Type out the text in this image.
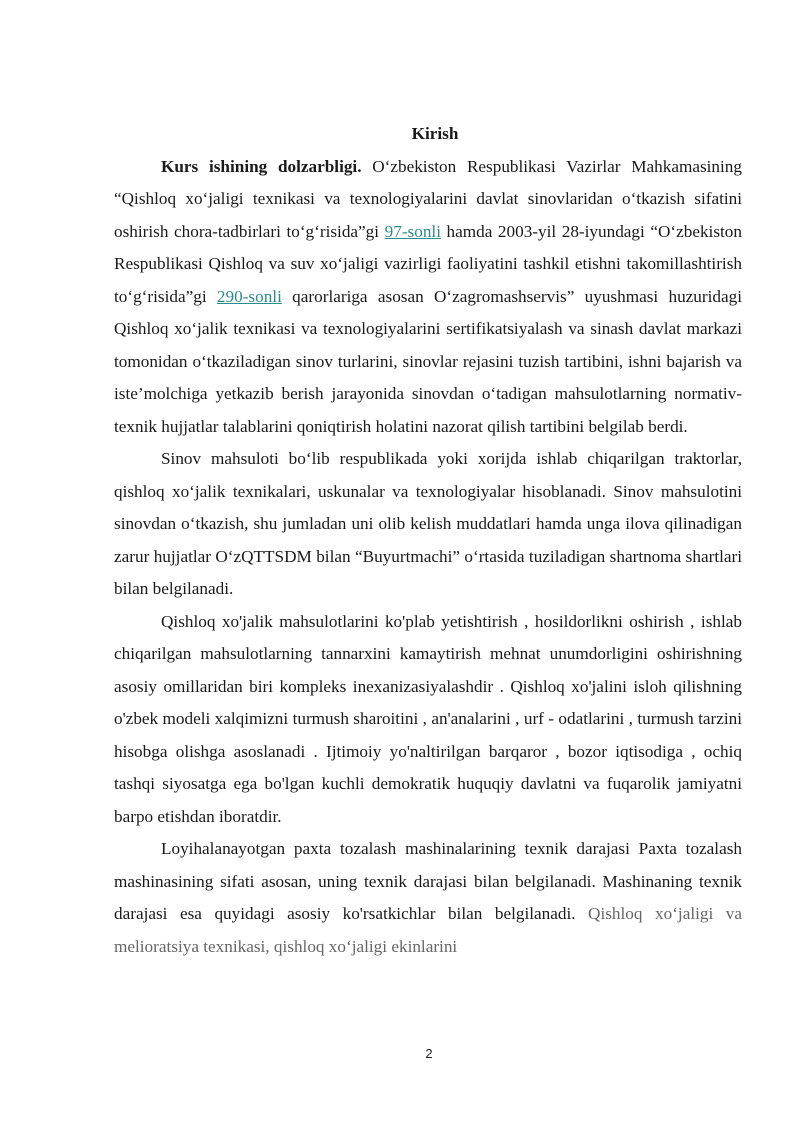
Kirish

Kurs ishining dolzarbligi. O‘zbekiston Respublikasi Vazirlar Mahkamasining “Qishloq xo‘jaligi texnikasi va texnologiyalarini davlat sinovlaridan o‘tkazish sifatini oshirish chora-tadbirlari to‘g‘risida”gi 97-sonli hamda 2003-yil 28-iyundagi “O‘zbekiston Respublikasi Qishloq va suv xo‘jaligi vazirligi faoliyatini tashkil etishni takomillashtirish to‘g‘risida”gi 290-sonli qarorlariga asosan O‘zagromashservis” uyushmasi huzuridagi Qishloq xo‘jalik texnikasi va texnologiyalarini sertifikatsiyalash va sinash davlat markazi tomonidan o‘tkaziladigan sinov turlarini, sinovlar rejasini tuzish tartibini, ishni bajarish va iste’molchiga yetkazib berish jarayonida sinovdan o‘tadigan mahsulotlarning normativ-texnik hujjatlar talablarini qoniqtirish holatini nazorat qilish tartibini belgilab berdi.

Sinov mahsuloti bo‘lib respublikada yoki xorijda ishlab chiqarilgan traktorlar, qishloq xo‘jalik texnikalari, uskunalar va texnologiyalar hisoblanadi. Sinov mahsulotini sinovdan o‘tkazish, shu jumladan uni olib kelish muddatlari hamda unga ilova qilinadigan zarur hujjatlar O‘zQTTSDM bilan “Buyurtmachi” o‘rtasida tuziladigan shartnoma shartlari bilan belgilanadi.

Qishloq xo'jalik mahsulotlarini ko'plab yetishtirish , hosildorlikni oshirish , ishlab chiqarilgan mahsulotlarning tannarxini kamaytirish mehnat unumdorligini oshirishning asosiy omillaridan biri kompleks inexanizasiyalashdir . Qishloq xo'jalini isloh qilishning o'zbek modeli xalqimizni turmush sharoitini , an'analarini , urf - odatlarini , turmush tarzini hisobga olishga asoslanadi . Ijtimoiy yo'naltirilgan barqaror , bozor iqtisodiga , ochiq tashqi siyosatga ega bo'lgan kuchli demokratik huquqiy davlatni va fuqarolik jamiyatni barpo etishdan iboratdir.

Loyihalanayotgan paxta tozalash mashinalarining texnik darajasi Paxta tozalash mashinasining sifati asosan, uning texnik darajasi bilan belgilanadi. Mashinaning texnik darajasi esa quyidagi asosiy ko'rsatkichlar bilan belgilanadi. Qishloq xo‘jaligi va melioratsiya texnikasi, qishloq xo‘jaligi ekinlarini

2
